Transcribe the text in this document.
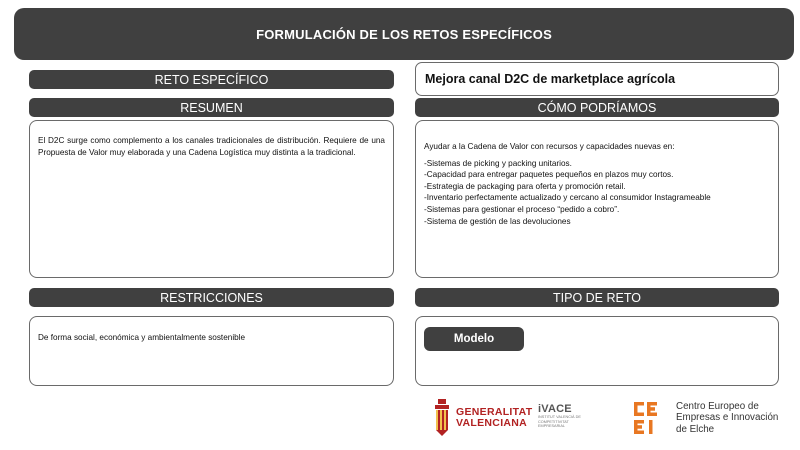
FORMULACIÓN DE LOS RETOS ESPECÍFICOS
RETO ESPECÍFICO	Mejora canal D2C de marketplace agrícola
RESUMEN
El D2C surge como complemento a los canales tradicionales de distribución. Requiere de una Propuesta de Valor muy elaborada y una Cadena Logística muy distinta a la tradicional.
CÓMO PODRÍAMOS
Ayudar a la Cadena de Valor con recursos y capacidades nuevas en:
-Sistemas de picking y packing unitarios.
-Capacidad para entregar paquetes pequeños en plazos muy cortos.
-Estrategia de packaging para oferta y promoción retail.
-Inventario perfectamente actualizado y cercano al consumidor Instagrameable
-Sistemas para gestionar el proceso “pedido a cobro”.
-Sistema de gestión de las devoluciones
RESTRICCIONES
De forma social, económica y ambientalmente sostenible
TIPO DE RETO
Modelo
GENERALITAT
VALENCIANA
iVACE
INSTITUT VALENCIÀ DE
COMPETITIVITAT EMPRESARIAL
Centro Europeo de
Empresas e Innovación
de Elche
